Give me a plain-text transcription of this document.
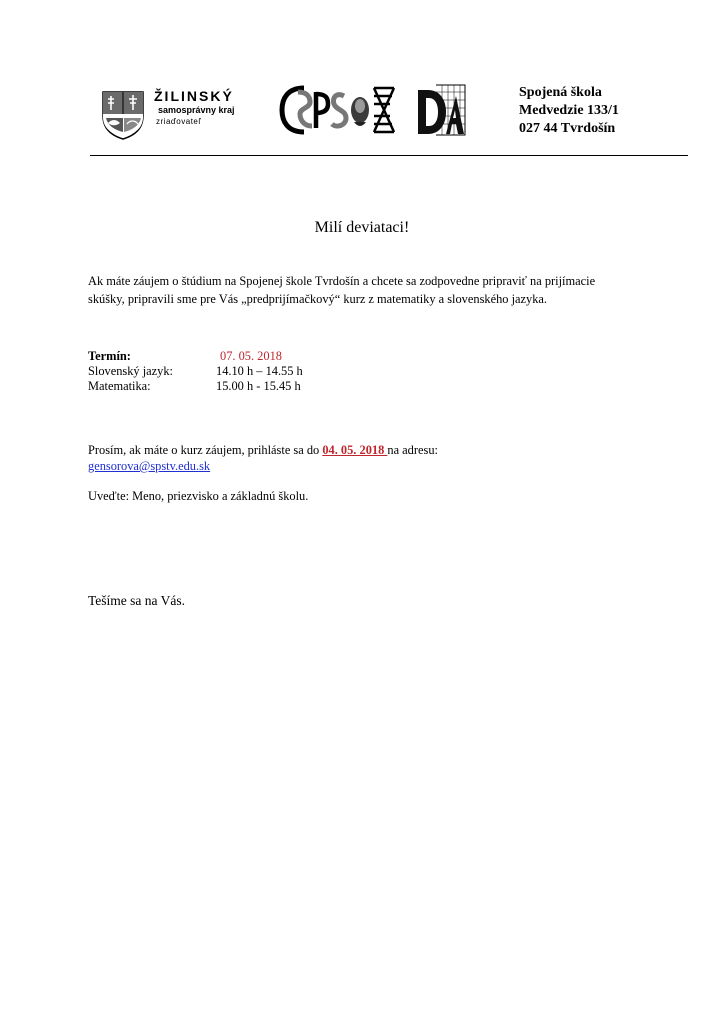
ŽILINSKÝ
samosprávny kraj
zriaďovateľ
Spojená škola
Medvedzie 133/1
027 44 Tvrdošín
Milí deviataci!
Ak máte záujem o štúdium na Spojenej škole Tvrdošín a chcete sa zodpovedne pripraviť na prijímacie
skúšky, pripravili sme pre Vás „predprijímačkový“ kurz z matematiky a slovenského jazyka.
Termín:	07. 05. 2018
Slovenský jazyk:	14.10 h – 14.55 h
Matematika:	15.00 h - 15.45 h
Prosím, ak máte o kurz záujem, prihláste sa do 04. 05. 2018 na adresu:
gensorova@spstv.edu.sk
Uveďte: Meno, priezvisko a základnú školu.
Tešíme sa na Vás.
